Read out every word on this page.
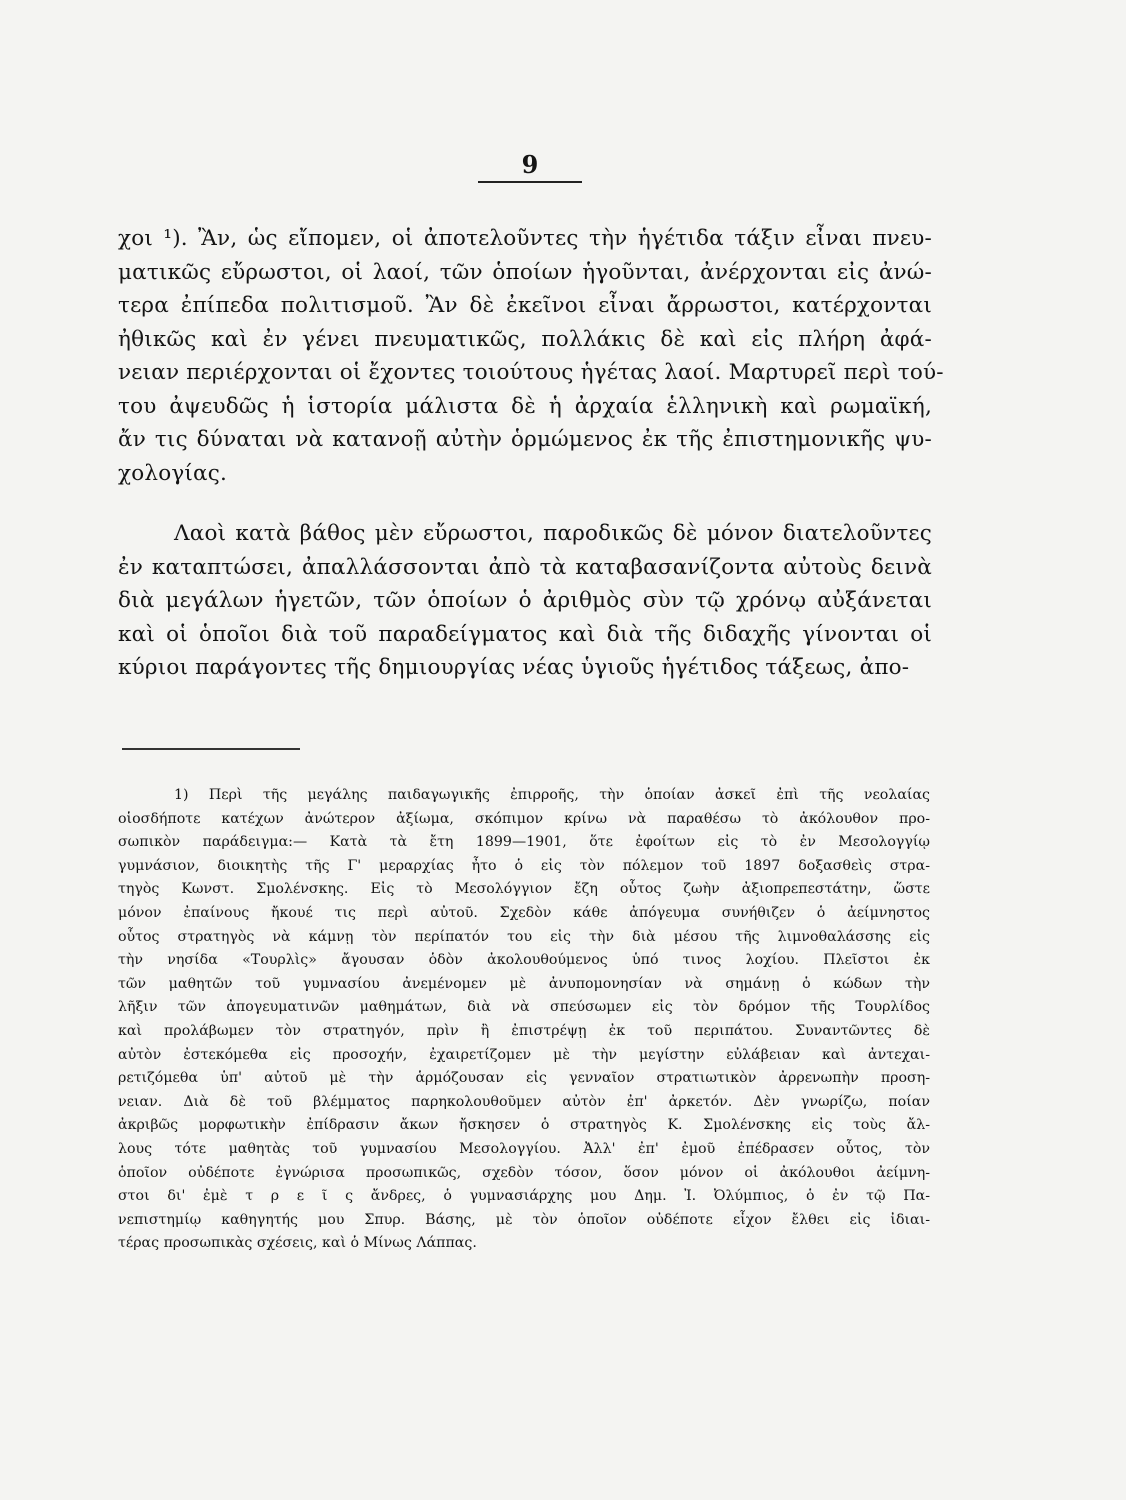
9
χοι ¹). Ἂν, ὡς εἴπομεν, οἱ ἀποτελοῦντες τὴν ἡγέτιδα τάξιν εἶναι πνευ-
ματικῶς εὔρωστοι, οἱ λαοί, τῶν ὁποίων ἡγοῦνται, ἀνέρχονται εἰς ἀνώ-
τερα ἐπίπεδα πολιτισμοῦ. Ἂν δὲ ἐκεῖνοι εἶναι ἄρρωστοι, κατέρχονται
ἠθικῶς καὶ ἐν γένει πνευματικῶς, πολλάκις δὲ καὶ εἰς πλήρη ἀφά-
νειαν περιέρχονται οἱ ἔχοντες τοιούτους ἡγέτας λαοί. Μαρτυρεῖ περὶ τού-
του ἀψευδῶς ἡ ἱστορία μάλιστα δὲ ἡ ἀρχαία ἑλληνικὴ καὶ ρωμαϊκή,
ἄν τις δύναται νὰ κατανοῇ αὐτὴν ὁρμώμενος ἐκ τῆς ἐπιστημονικῆς ψυ-
χολογίας.
Λαοὶ κατὰ βάθος μὲν εὔρωστοι, παροδικῶς δὲ μόνον διατελοῦντες
ἐν καταπτώσει, ἀπαλλάσσονται ἀπὸ τὰ καταβασανίζοντα αὐτοὺς δεινὰ
διὰ μεγάλων ἡγετῶν, τῶν ὁποίων ὁ ἀριθμὸς σὺν τῷ χρόνῳ αὐξάνεται
καὶ οἱ ὁποῖοι διὰ τοῦ παραδείγματος καὶ διὰ τῆς διδαχῆς γίνονται οἱ
κύριοι παράγοντες τῆς δημιουργίας νέας ὑγιοῦς ἡγέτιδος τάξεως, ἀπο-
1) Περὶ τῆς μεγάλης παιδαγωγικῆς ἐπιρροῆς, τὴν ὁποίαν ἀσκεῖ ἐπὶ τῆς νεολαίας
οἱοσδήποτε κατέχων ἀνώτερον ἀξίωμα, σκόπιμον κρίνω νὰ παραθέσω τὸ ἀκόλουθον προ-
σωπικὸν παράδειγμα:— Κατὰ τὰ ἔτη 1899—1901, ὅτε ἐφοίτων εἰς τὸ ἐν Μεσολογγίῳ
γυμνάσιον, διοικητὴς τῆς Γ' μεραρχίας ἦτο ὁ εἰς τὸν πόλεμον τοῦ 1897 δοξασθεὶς στρα-
τηγὸς Κωνστ. Σμολένσκης. Εἰς τὸ Μεσολόγγιον ἔζη οὗτος ζωὴν ἀξιοπρεπεστάτην, ὥστε
μόνον ἐπαίνους ἤκουέ τις περὶ αὐτοῦ. Σχεδὸν κάθε ἀπόγευμα συνήθιζεν ὁ ἀείμνηστος
οὗτος στρατηγὸς νὰ κάμνῃ τὸν περίπατόν του εἰς τὴν διὰ μέσου τῆς λιμνοθαλάσσης εἰς
τὴν νησίδα «Τουρλὶς» ἄγουσαν ὁδὸν ἀκολουθούμενος ὑπό τινος λοχίου. Πλεῖστοι ἐκ
τῶν μαθητῶν τοῦ γυμνασίου ἀνεμένομεν μὲ ἀνυπομονησίαν νὰ σημάνῃ ὁ κώδων τὴν
λῆξιν τῶν ἀπογευματινῶν μαθημάτων, διὰ νὰ σπεύσωμεν εἰς τὸν δρόμον τῆς Τουρλίδος
καὶ προλάβωμεν τὸν στρατηγόν, πρὶν ἢ ἐπιστρέψῃ ἐκ τοῦ περιπάτου. Συναντῶντες δὲ
αὐτὸν ἐστεκόμεθα εἰς προσοχήν, ἐχαιρετίζομεν μὲ τὴν μεγίστην εὐλάβειαν καὶ ἀντεχαι-
ρετιζόμεθα ὑπ' αὐτοῦ μὲ τὴν ἁρμόζουσαν εἰς γενναῖον στρατιωτικὸν ἀρρενωπὴν προση-
νειαν. Διὰ δὲ τοῦ βλέμματος παρηκολουθοῦμεν αὐτὸν ἐπ' ἀρκετόν. Δὲν γνωρίζω, ποίαν
ἀκριβῶς μορφωτικὴν ἐπίδρασιν ἄκων ἤσκησεν ὁ στρατηγὸς Κ. Σμολένσκης εἰς τοὺς ἄλ-
λους τότε μαθητὰς τοῦ γυμνασίου Μεσολογγίου. Ἀλλ' ἐπ' ἐμοῦ ἐπέδρασεν οὗτος, τὸν
ὁποῖον οὐδέποτε ἐγνώρισα προσωπικῶς, σχεδὸν τόσον, ὅσον μόνον οἱ ἀκόλουθοι ἀείμνη-
στοι δι' ἐμὲ τ ρ ε ῖ ς ἄνδρες, ὁ γυμνασιάρχης μου Δημ. Ἰ. Ὀλύμπιος, ὁ ἐν τῷ Πα-
νεπιστημίῳ καθηγητής μου Σπυρ. Βάσης, μὲ τὸν ὁποῖον οὐδέποτε εἶχον ἔλθει εἰς ἰδιαι-
τέρας προσωπικὰς σχέσεις, καὶ ὁ Μίνως Λάππας.
